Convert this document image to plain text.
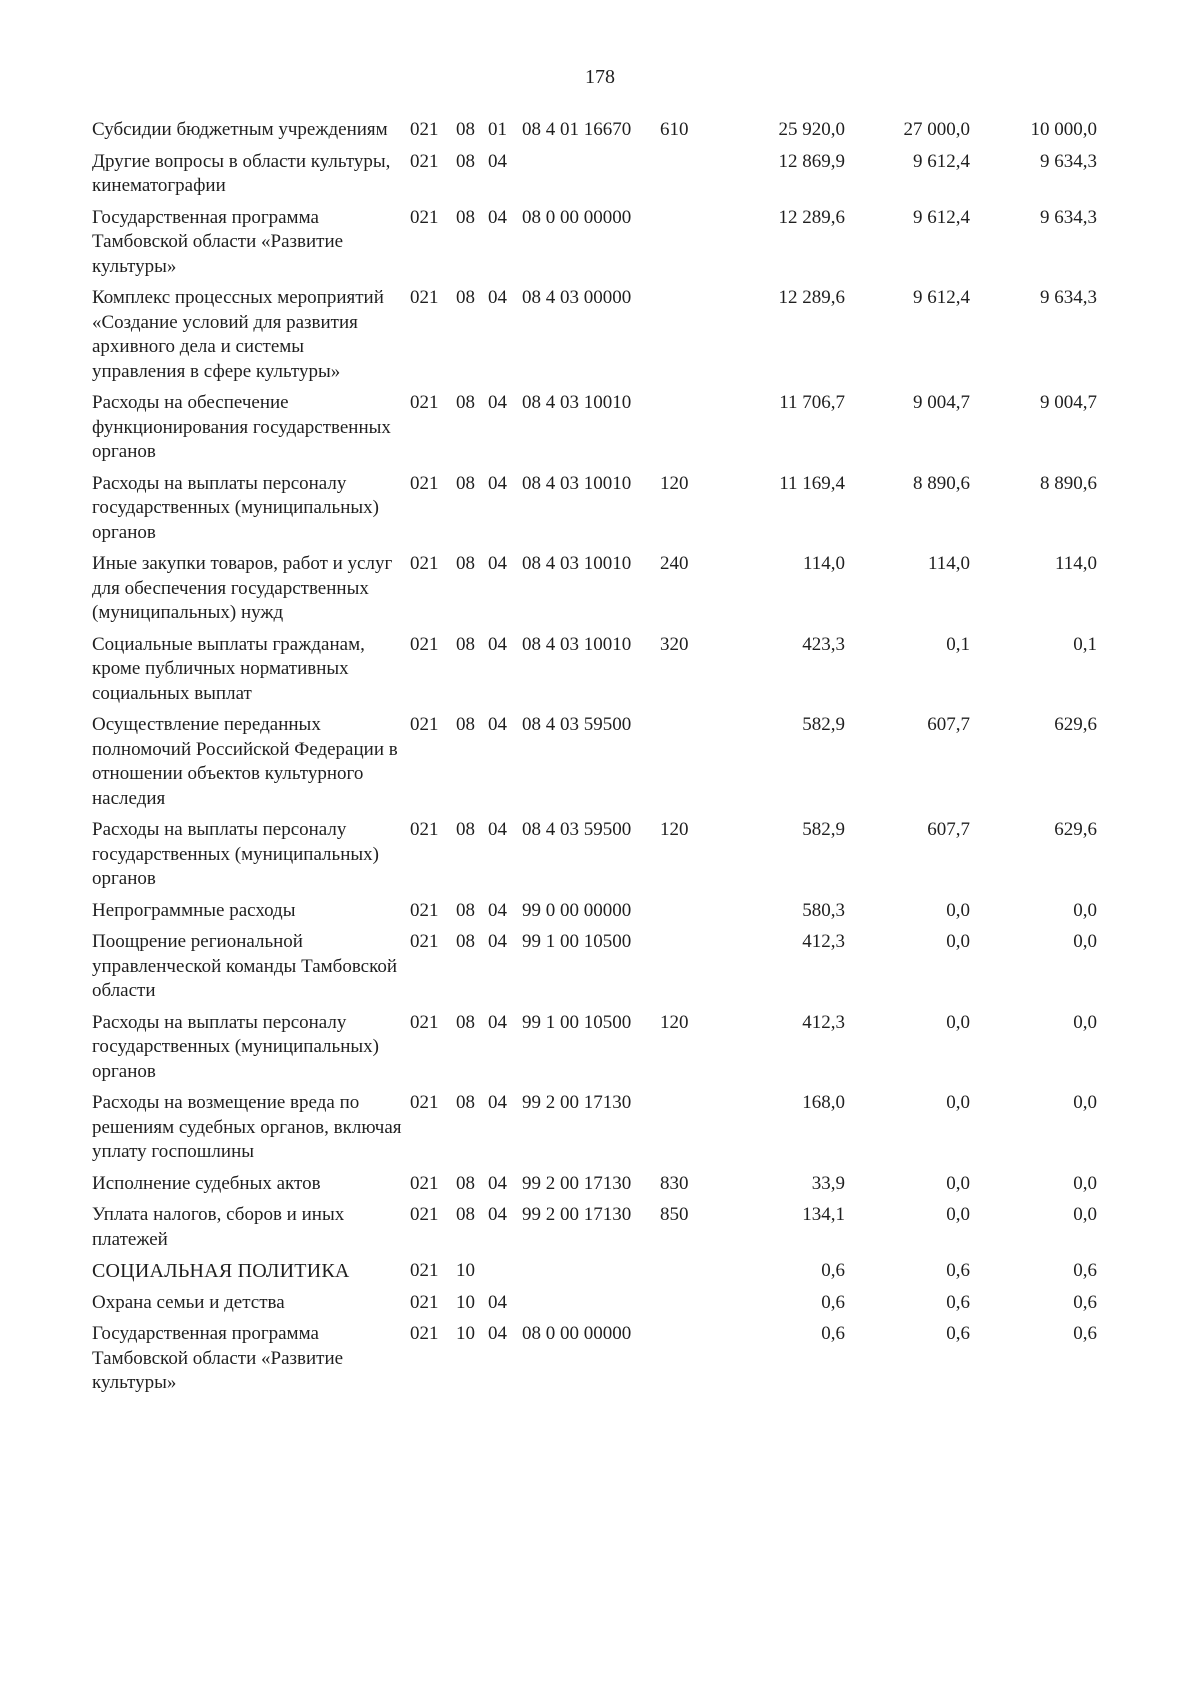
178
Субсидии бюджетным учреждениям	021	08	01	08 4 01 16670	610	25 920,0	27 000,0	10 000,0
Другие вопросы в области культуры, кинематографии	021	08	04			12 869,9	9 612,4	9 634,3
Государственная программа Тамбовской области «Развитие культуры»	021	08	04	08 0 00 00000		12 289,6	9 612,4	9 634,3
Комплекс процессных мероприятий «Создание условий для развития архивного дела и системы управления в сфере культуры»	021	08	04	08 4 03 00000		12 289,6	9 612,4	9 634,3
Расходы на обеспечение функционирования государственных органов	021	08	04	08 4 03 10010		11 706,7	9 004,7	9 004,7
Расходы на выплаты персоналу государственных (муниципальных) органов	021	08	04	08 4 03 10010	120	11 169,4	8 890,6	8 890,6
Иные закупки товаров, работ и услуг для обеспечения государственных (муниципальных) нужд	021	08	04	08 4 03 10010	240	114,0	114,0	114,0
Социальные выплаты гражданам, кроме публичных нормативных социальных выплат	021	08	04	08 4 03 10010	320	423,3	0,1	0,1
Осуществление переданных полномочий Российской Федерации в отношении объектов культурного наследия	021	08	04	08 4 03 59500		582,9	607,7	629,6
Расходы на выплаты персоналу государственных (муниципальных) органов	021	08	04	08 4 03 59500	120	582,9	607,7	629,6
Непрограммные расходы	021	08	04	99 0 00 00000		580,3	0,0	0,0
Поощрение региональной управленческой команды Тамбовской области	021	08	04	99 1 00 10500		412,3	0,0	0,0
Расходы на выплаты персоналу государственных (муниципальных) органов	021	08	04	99 1 00 10500	120	412,3	0,0	0,0
Расходы на возмещение вреда по решениям судебных органов, включая уплату госпошлины	021	08	04	99 2 00 17130		168,0	0,0	0,0
Исполнение судебных актов	021	08	04	99 2 00 17130	830	33,9	0,0	0,0
Уплата налогов, сборов и иных платежей	021	08	04	99 2 00 17130	850	134,1	0,0	0,0
СОЦИАЛЬНАЯ ПОЛИТИКА	021	10				0,6	0,6	0,6
Охрана семьи и детства	021	10	04			0,6	0,6	0,6
Государственная программа Тамбовской области «Развитие культуры»	021	10	04	08 0 00 00000		0,6	0,6	0,6
